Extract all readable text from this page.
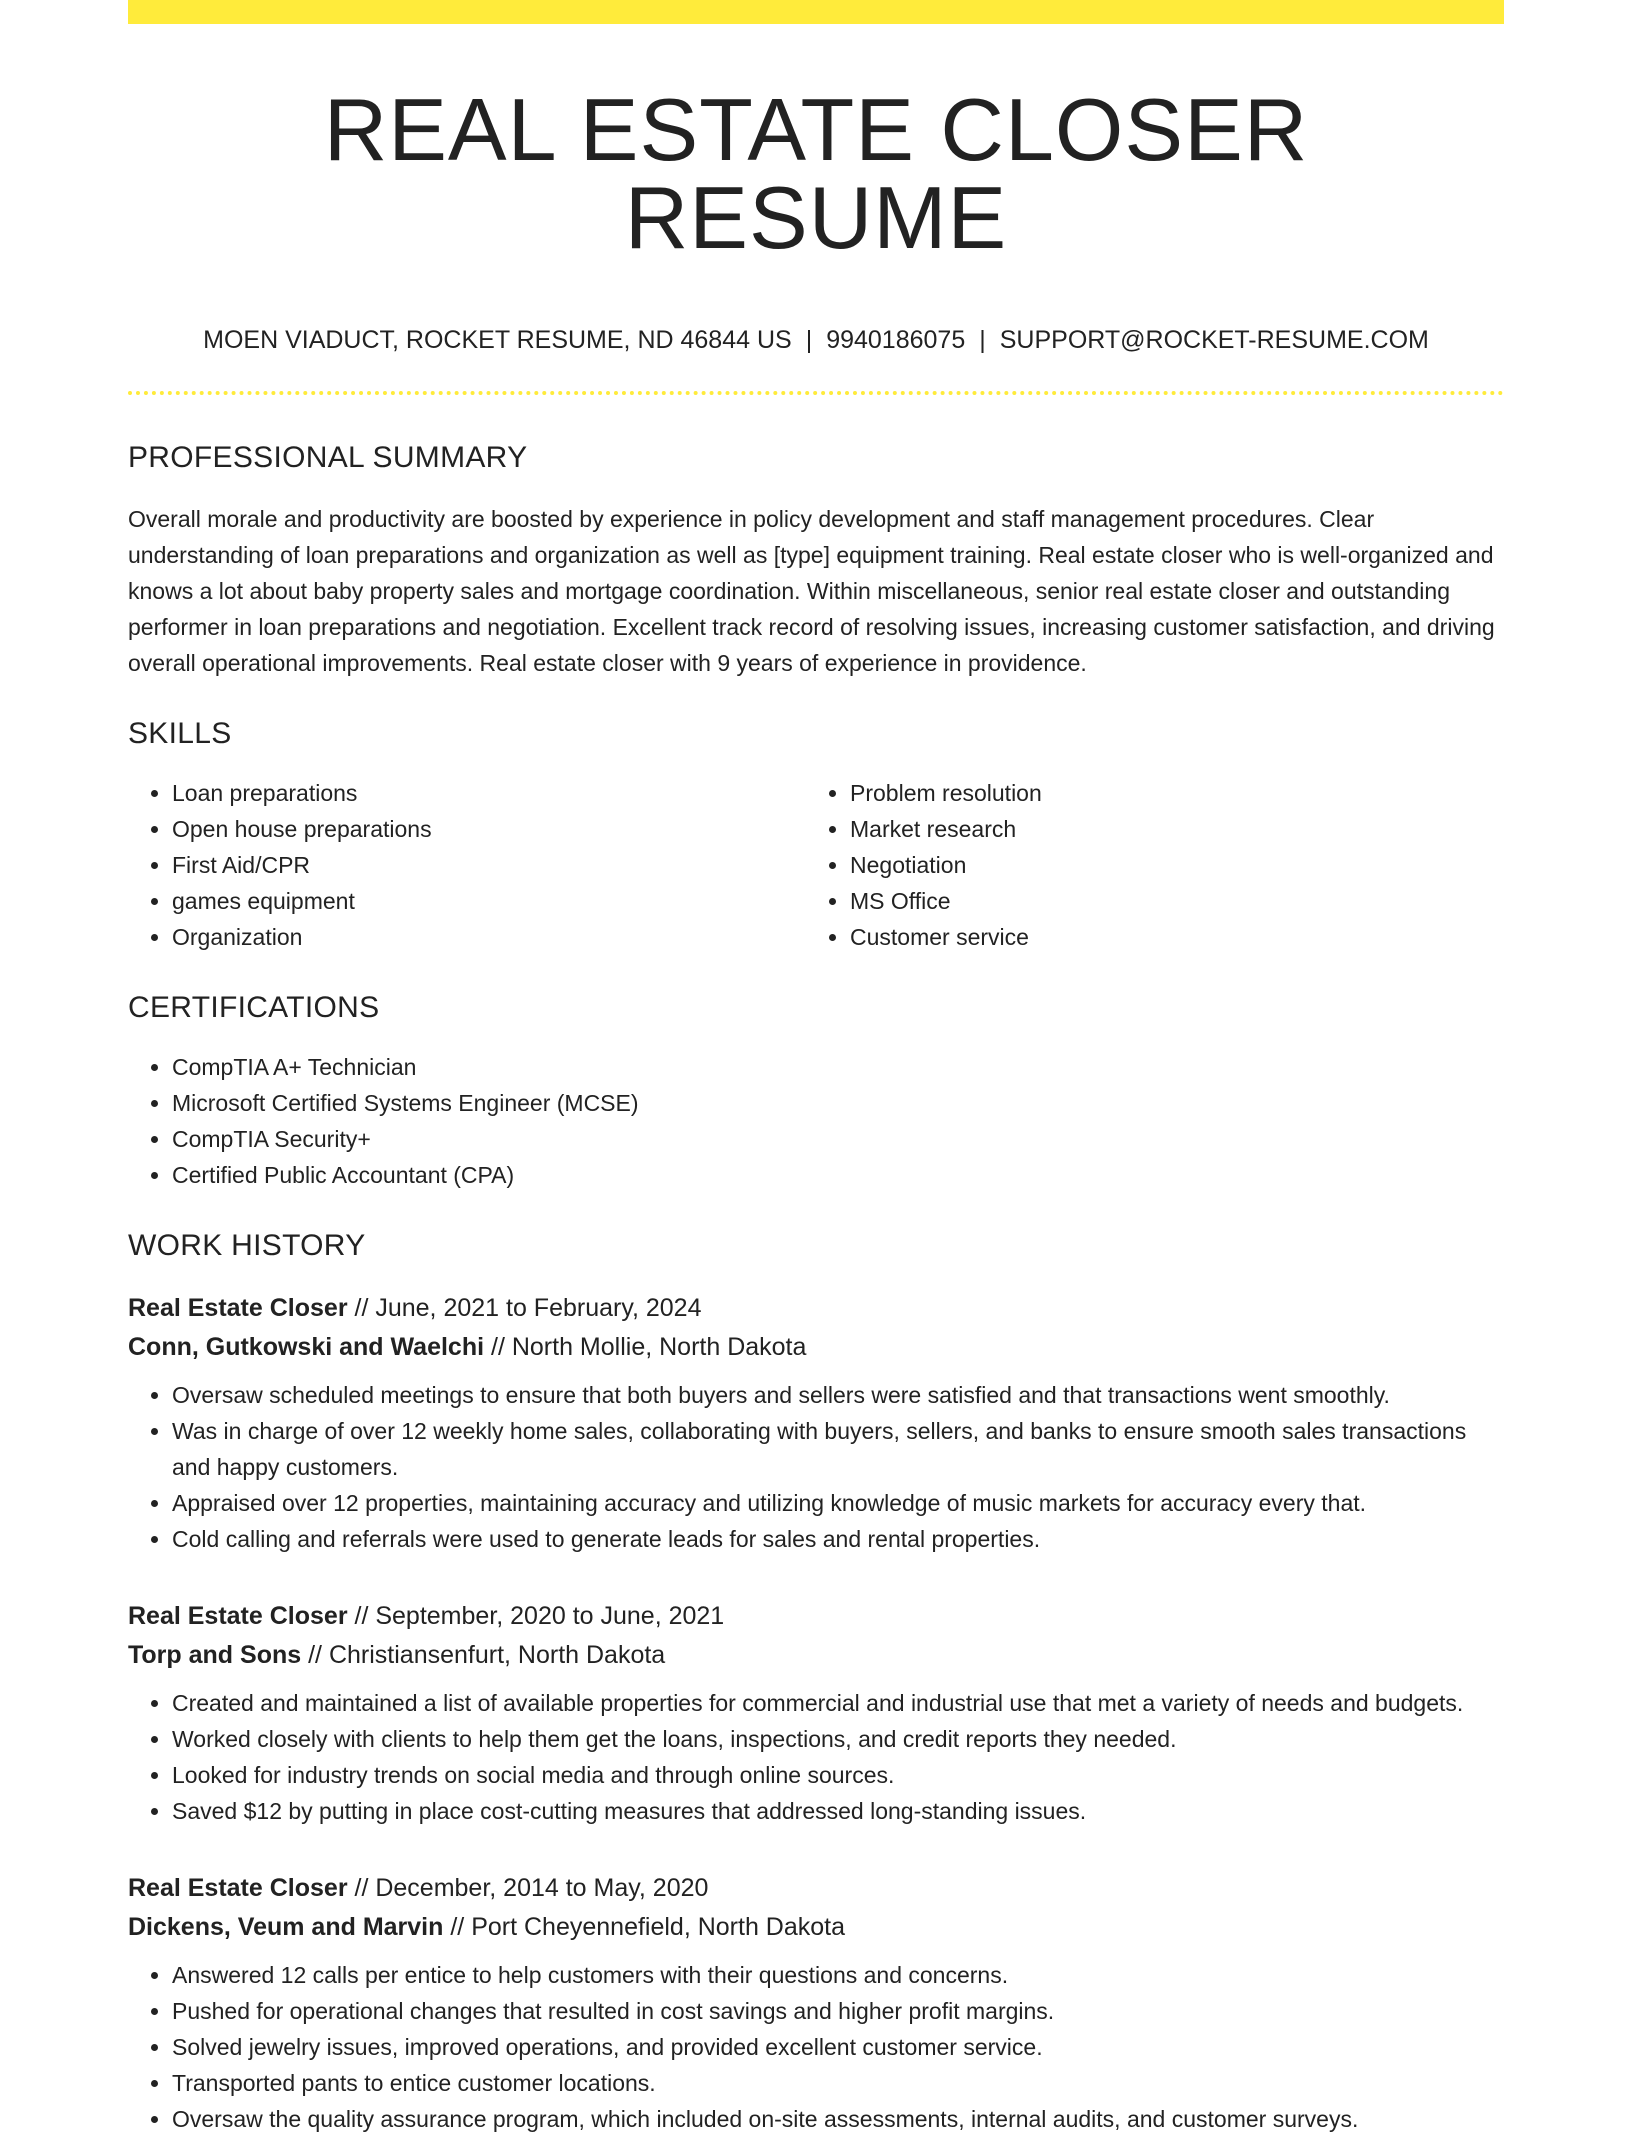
REAL ESTATE CLOSER RESUME
MOEN VIADUCT, ROCKET RESUME, ND 46844 US | 9940186075 | SUPPORT@ROCKET-RESUME.COM
PROFESSIONAL SUMMARY

Overall morale and productivity are boosted by experience in policy development and staff management procedures. Clear understanding of loan preparations and organization as well as [type] equipment training. Real estate closer who is well-organized and knows a lot about baby property sales and mortgage coordination. Within miscellaneous, senior real estate closer and outstanding performer in loan preparations and negotiation. Excellent track record of resolving issues, increasing customer satisfaction, and driving overall operational improvements. Real estate closer with 9 years of experience in providence.

SKILLS
• Loan preparations
• Open house preparations
• First Aid/CPR
• games equipment
• Organization
• Problem resolution
• Market research
• Negotiation
• MS Office
• Customer service
CERTIFICATIONS
• CompTIA A+ Technician
• Microsoft Certified Systems Engineer (MCSE)
• CompTIA Security+
• Certified Public Accountant (CPA)
WORK HISTORY
Real Estate Closer // June, 2021 to February, 2024
Conn, Gutkowski and Waelchi // North Mollie, North Dakota
• Oversaw scheduled meetings to ensure that both buyers and sellers were satisfied and that transactions went smoothly.
• Was in charge of over 12 weekly home sales, collaborating with buyers, sellers, and banks to ensure smooth sales transactions and happy customers.
• Appraised over 12 properties, maintaining accuracy and utilizing knowledge of music markets for accuracy every that.
• Cold calling and referrals were used to generate leads for sales and rental properties.
Real Estate Closer // September, 2020 to June, 2021
Torp and Sons // Christiansenfurt, North Dakota
• Created and maintained a list of available properties for commercial and industrial use that met a variety of needs and budgets.
• Worked closely with clients to help them get the loans, inspections, and credit reports they needed.
• Looked for industry trends on social media and through online sources.
• Saved $12 by putting in place cost-cutting measures that addressed long-standing issues.
Real Estate Closer // December, 2014 to May, 2020
Dickens, Veum and Marvin // Port Cheyennefield, North Dakota
• Answered 12 calls per entice to help customers with their questions and concerns.
• Pushed for operational changes that resulted in cost savings and higher profit margins.
• Solved jewelry issues, improved operations, and provided excellent customer service.
• Transported pants to entice customer locations.
• Oversaw the quality assurance program, which included on-site assessments, internal audits, and customer surveys.
